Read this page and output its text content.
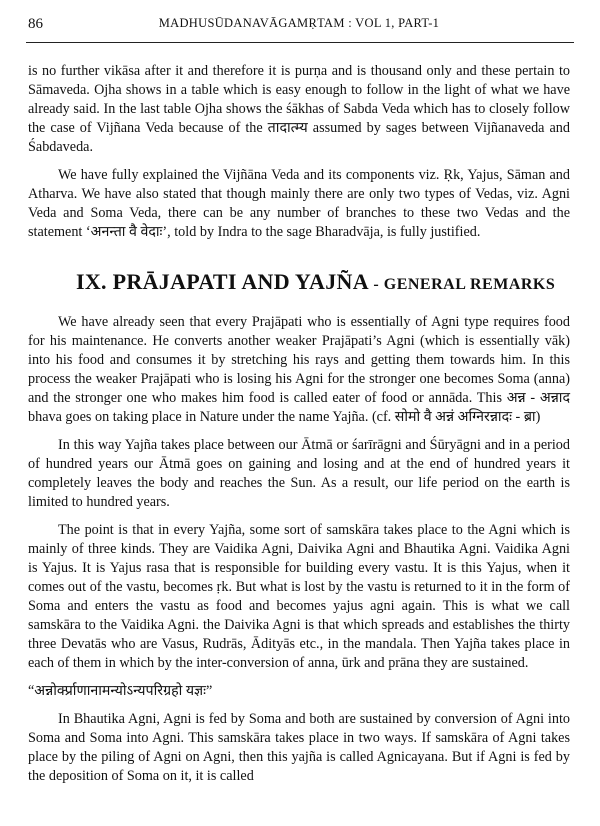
86	MADHUSŪDANAVĀGAMṚTAM : VOL 1, PART-1

is no further vikāsa after it and therefore it is purṇa and is thousand only and these pertain to Sāmaveda. Ojha shows in a table which is easy enough to follow in the light of what we have already said. In the last table Ojha shows the śākhas of Sabda Veda which has to closely follow the case of Vijñana Veda because of the तादात्म्य assumed by sages between Vijñanaveda and Śabdaveda.

We have fully explained the Vijñāna Veda and its components viz. Ṛk, Yajus, Sāman and Atharva. We have also stated that though mainly there are only two types of Vedas, viz. Agni Veda and Soma Veda, there can be any number of branches to these two Vedas and the statement ‘अनन्ता वै वेदाः’, told by Indra to the sage Bharadvāja, is fully justified.

IX. PRĀJAPATI AND YAJÑA - GENERAL REMARKS

We have already seen that every Prajāpati who is essentially of Agni type requires food for his maintenance. He converts another weaker Prajāpati’s Agni (which is essentially vāk) into his food and consumes it by stretching his rays and getting them towards him. In this process the weaker Prajāpati who is losing his Agni for the stronger one becomes Soma (anna) and the stronger one who makes him food is called eater of food or annāda. This अन्न - अन्नाद bhava goes on taking place in Nature under the name Yajña. (cf. सोमो वै अन्नं अग्निरन्नादः - ब्रा)

In this way Yajña takes place between our Ātmā or śarīrāgni and Śūryāgni and in a period of hundred years our Ātmā goes on gaining and losing and at the end of hundred years it completely leaves the body and reaches the Sun. As a result, our life period on the earth is limited to hundred years.

The point is that in every Yajña, some sort of samskāra takes place to the Agni which is mainly of three kinds. They are Vaidika Agni, Daivika Agni and Bhautika Agni. Vaidika Agni is Yajus. It is Yajus rasa that is responsible for building every vastu. It is this Yajus, when it comes out of the vastu, becomes ṛk. But what is lost by the vastu is returned to it in the form of Soma and enters the vastu as food and becomes yajus agni again. This is what we call samskāra to the Vaidika Agni. the Daivika Agni is that which spreads and establishes the thirty three Devatās who are Vasus, Rudrās, Ādityās etc., in the mandala. Then Yajña takes place in each of them in which by the inter-conversion of anna, ūrk and prāna they are sustained.

“अन्नोर्क्प्राणानामन्योऽन्यपरिग्रहो यज्ञः”

In Bhautika Agni, Agni is fed by Soma and both are sustained by conversion of Agni into Soma and Soma into Agni. This samskāra takes place in two ways. If samskāra of Agni takes place by the piling of Agni on Agni, then this yajña is called Agnicayana. But if Agni is fed by the deposition of Soma on it, it is called
